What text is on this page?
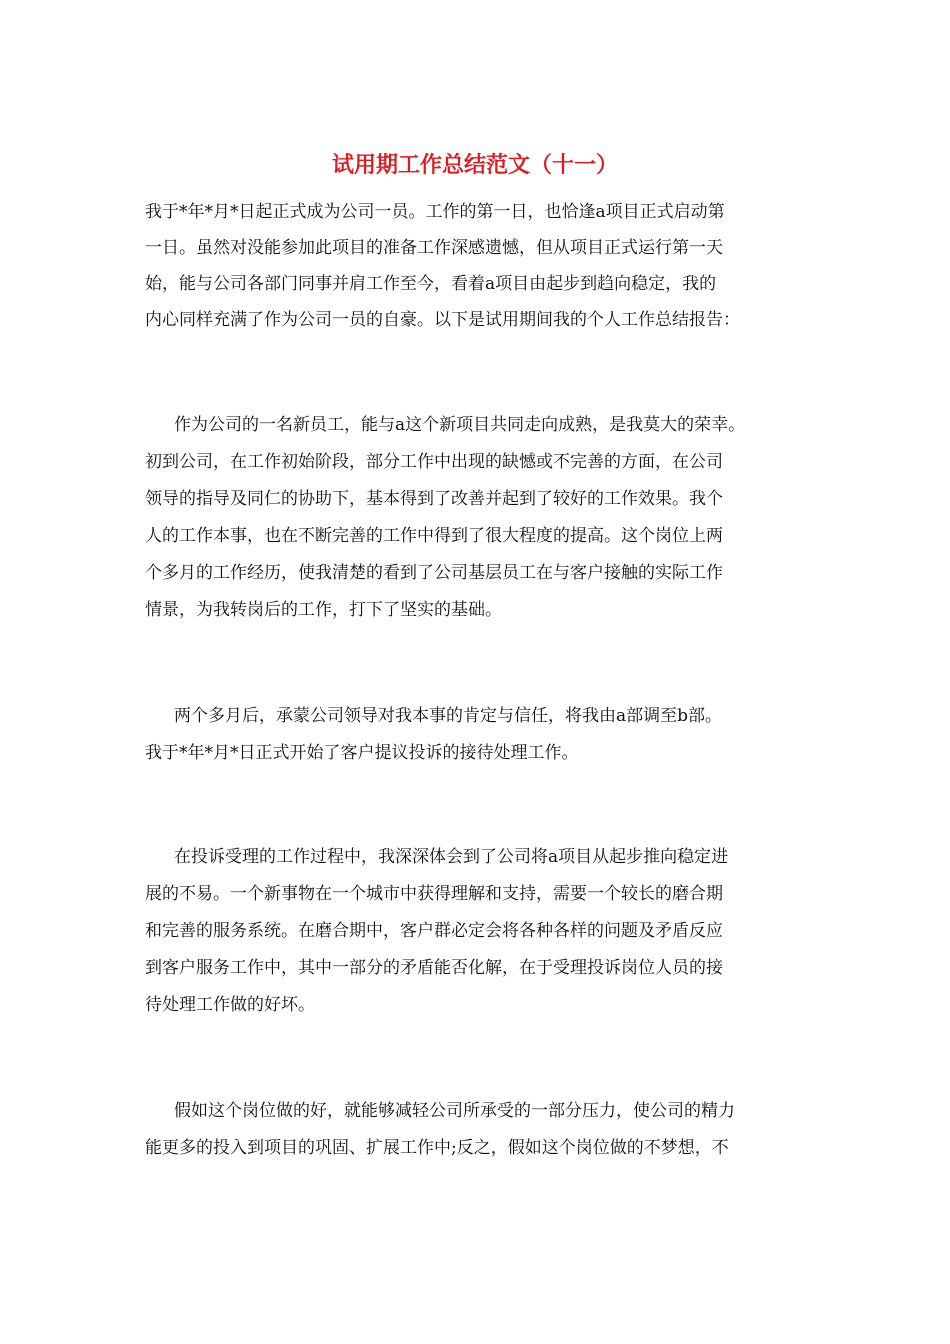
试用期工作总结范文（十一）

我于*年*月*日起正式成为公司一员。工作的第一日，也恰逢a项目正式启动第

一日。虽然对没能参加此项目的准备工作深感遗憾，但从项目正式运行第一天

始，能与公司各部门同事并肩工作至今，看着a项目由起步到趋向稳定，我的

内心同样充满了作为公司一员的自豪。以下是试用期间我的个人工作总结报告：

作为公司的一名新员工，能与a这个新项目共同走向成熟，是我莫大的荣幸。

初到公司，在工作初始阶段，部分工作中出现的缺憾或不完善的方面，在公司

领导的指导及同仁的协助下，基本得到了改善并起到了较好的工作效果。我个

人的工作本事，也在不断完善的工作中得到了很大程度的提高。这个岗位上两

个多月的工作经历，使我清楚的看到了公司基层员工在与客户接触的实际工作

情景，为我转岗后的工作，打下了坚实的基础。

两个多月后，承蒙公司领导对我本事的肯定与信任，将我由a部调至b部。

我于*年*月*日正式开始了客户提议投诉的接待处理工作。

在投诉受理的工作过程中，我深深体会到了公司将a项目从起步推向稳定进

展的不易。一个新事物在一个城市中获得理解和支持，需要一个较长的磨合期

和完善的服务系统。在磨合期中，客户群必定会将各种各样的问题及矛盾反应

到客户服务工作中，其中一部分的矛盾能否化解，在于受理投诉岗位人员的接

待处理工作做的好坏。

假如这个岗位做的好，就能够减轻公司所承受的一部分压力，使公司的精力

能更多的投入到项目的巩固、扩展工作中;反之，假如这个岗位做的不梦想，不
